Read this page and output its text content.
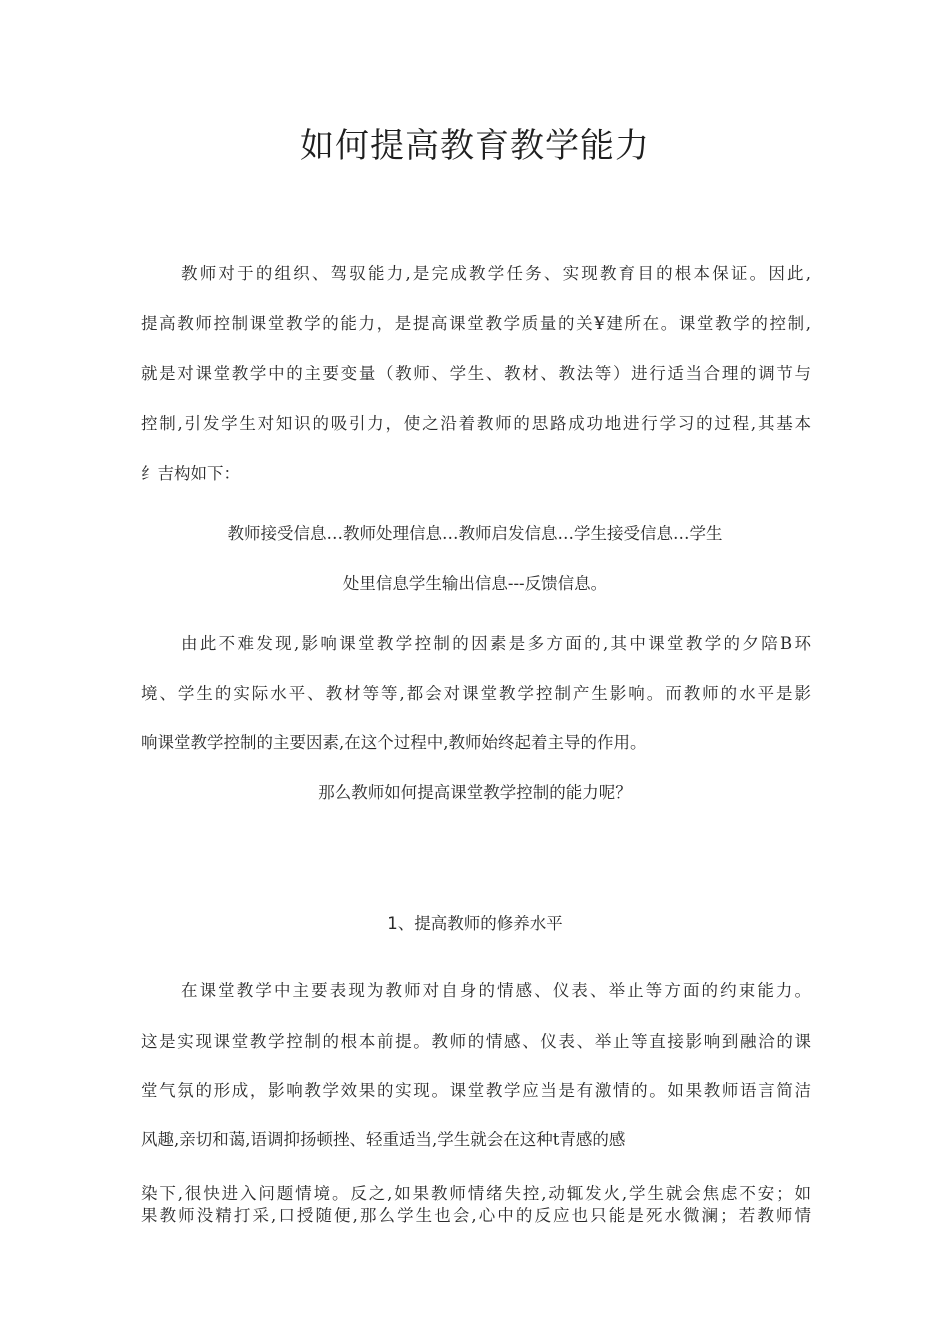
如何提高教育教学能力
教师对于的组织、驾驭能力,是完成教学任务、实现教育目的根本保证。因此,
提高教师控制课堂教学的能力，是提高课堂教学质量的关¥建所在。课堂教学的控制,
就是对课堂教学中的主要变量（教师、学生、教材、教法等）进行适当合理的调节与
控制,引发学生对知识的吸引力，使之沿着教师的思路成功地进行学习的过程,其基本
纟吉构如下：
教师接受信息…教师处理信息…教师启发信息…学生接受信息…学生
处里信息学生输出信息---反馈信息。
由此不难发现,影响课堂教学控制的因素是多方面的,其中课堂教学的夕陪B环
境、学生的实际水平、教材等等,都会对课堂教学控制产生影响。而教师的水平是影
响课堂教学控制的主要因素,在这个过程中,教师始终起着主导的作用。
那么教师如何提高课堂教学控制的能力呢？
1、提高教师的修养水平
在课堂教学中主要表现为教师对自身的情感、仪表、举止等方面的约束能力。
这是实现课堂教学控制的根本前提。教师的情感、仪表、举止等直接影响到融洽的课
堂气氛的形成，影响教学效果的实现。课堂教学应当是有激情的。如果教师语言简洁
风趣,亲切和蔼,语调抑扬顿挫、轻重适当,学生就会在这种t青感的感
染下,很快进入问题情境。反之,如果教师情绪失控,动辄发火,学生就会焦虑不安；如
果教师没精打采,口授随便,那么学生也会,心中的反应也只能是死水微澜；若教师情
